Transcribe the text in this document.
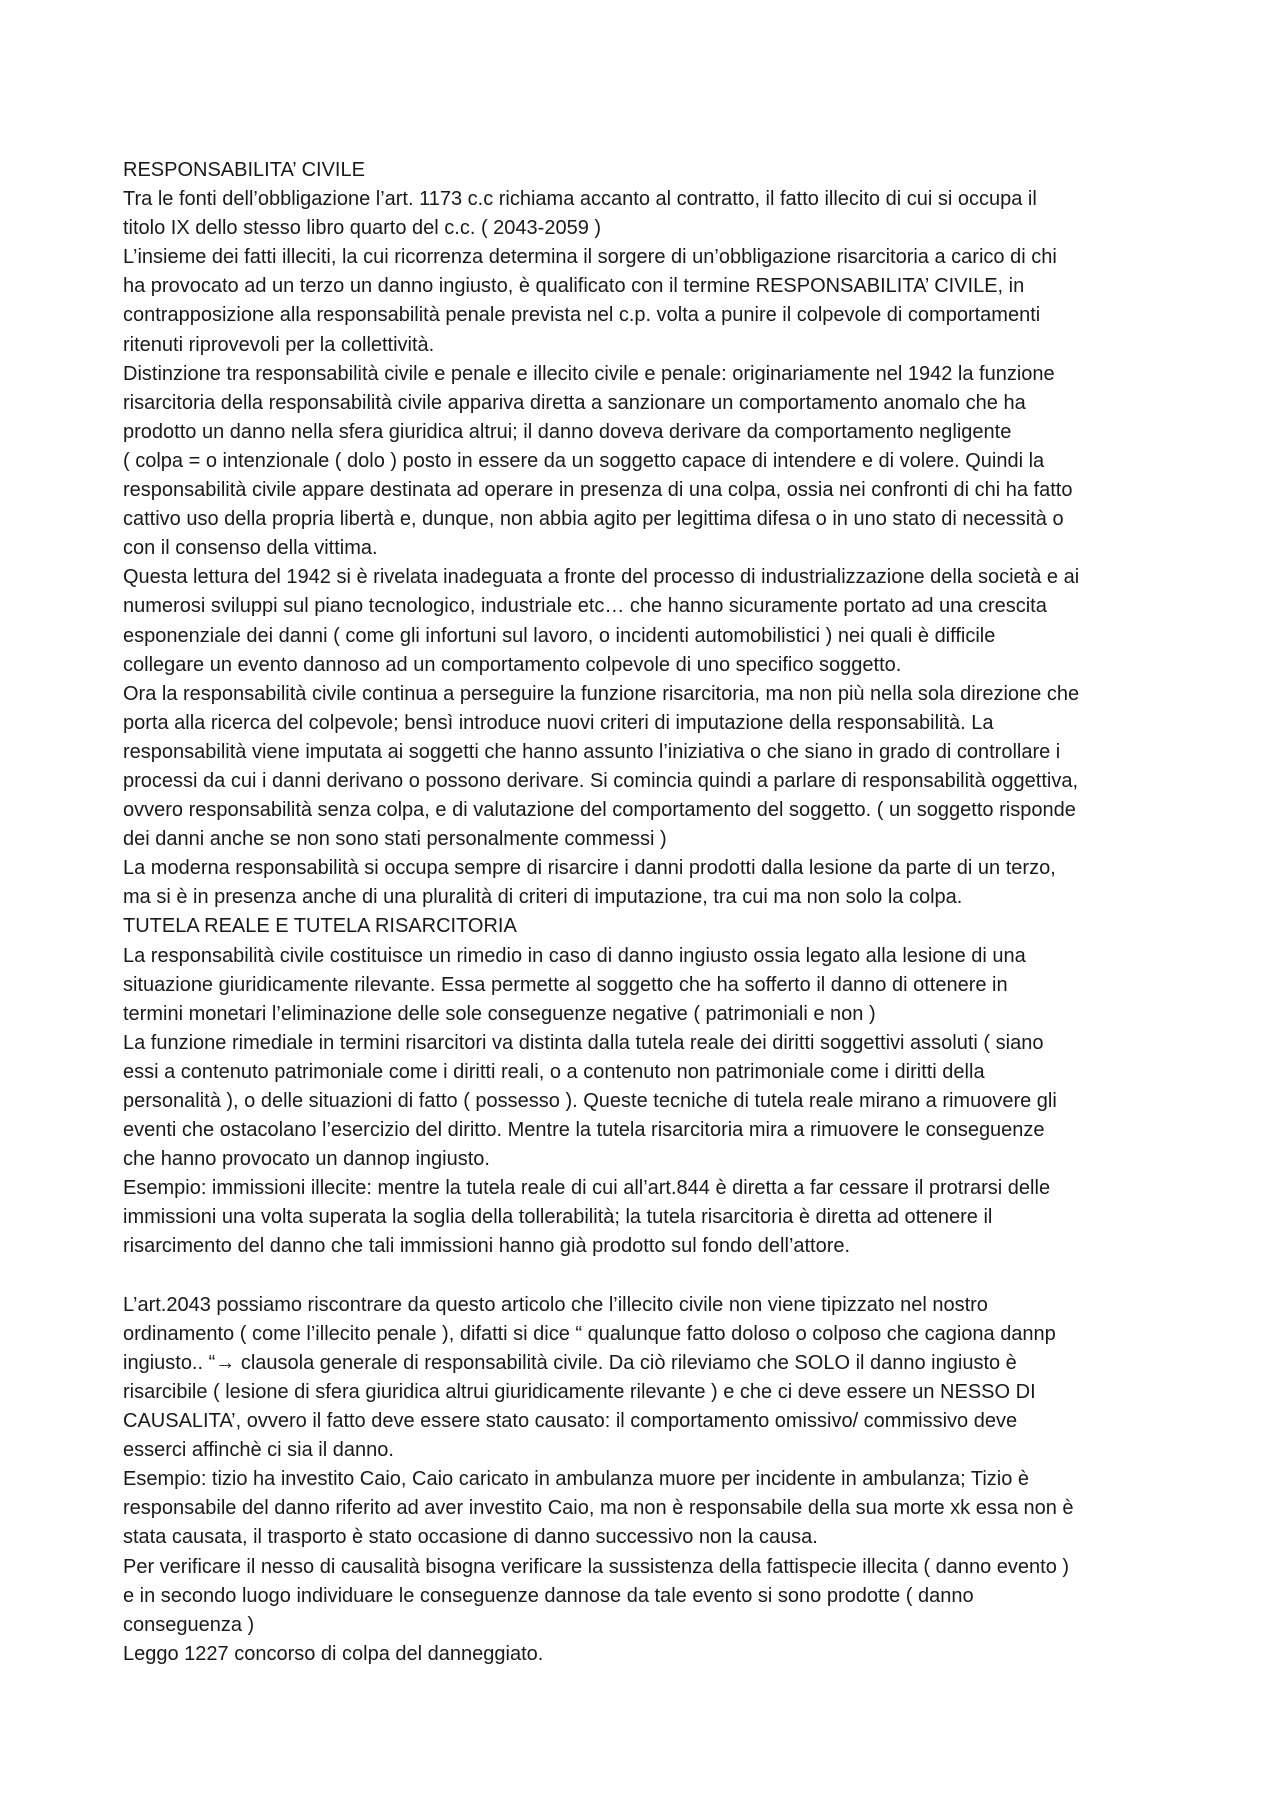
RESPONSABILITA’ CIVILE
Tra le fonti dell’obbligazione l’art. 1173 c.c richiama accanto al contratto, il fatto illecito di cui si occupa il
titolo IX dello stesso libro quarto del c.c. ( 2043-2059 )
L’insieme dei fatti illeciti, la cui ricorrenza determina il sorgere di un’obbligazione risarcitoria a carico di chi
ha provocato ad un terzo un danno ingiusto, è qualificato con il termine RESPONSABILITA’ CIVILE, in
contrapposizione alla responsabilità penale prevista nel c.p. volta a punire il colpevole di comportamenti
ritenuti riprovevoli per la collettività.
Distinzione tra responsabilità civile e penale e illecito civile e penale: originariamente nel 1942 la funzione
risarcitoria della responsabilità civile appariva diretta a sanzionare un comportamento anomalo che ha
prodotto un danno nella sfera giuridica altrui; il danno doveva derivare da comportamento negligente
( colpa = o intenzionale ( dolo ) posto in essere da un soggetto capace di intendere e di volere. Quindi la
responsabilità civile appare destinata ad operare in presenza di una colpa, ossia nei confronti di chi ha fatto
cattivo uso della propria libertà e, dunque, non abbia agito per legittima difesa o in uno stato di necessità o
con il consenso della vittima.
Questa lettura del 1942 si è rivelata inadeguata a fronte del processo di industrializzazione della società e ai
numerosi sviluppi sul piano tecnologico, industriale etc… che hanno sicuramente portato ad una crescita
esponenziale dei danni ( come gli infortuni sul lavoro, o incidenti automobilistici ) nei quali è difficile
collegare un evento dannoso ad un comportamento colpevole di uno specifico soggetto.
Ora la responsabilità civile continua a perseguire la funzione risarcitoria, ma non più nella sola direzione che
porta alla ricerca del colpevole; bensì introduce nuovi criteri di imputazione della responsabilità. La
responsabilità viene imputata ai soggetti che hanno assunto l’iniziativa o che siano in grado di controllare i
processi da cui i danni derivano o possono derivare. Si comincia quindi a parlare di responsabilità oggettiva,
ovvero responsabilità senza colpa, e di valutazione del comportamento del soggetto. ( un soggetto risponde
dei danni anche se non sono stati personalmente commessi )
La moderna responsabilità si occupa sempre di risarcire i danni prodotti dalla lesione da parte di un terzo,
ma si è in presenza anche di una pluralità di criteri di imputazione, tra cui ma non solo la colpa.
TUTELA REALE E TUTELA RISARCITORIA
La responsabilità civile costituisce un rimedio in caso di danno ingiusto ossia legato alla lesione di una
situazione giuridicamente rilevante. Essa permette al soggetto che ha sofferto il danno di ottenere in
termini monetari l’eliminazione delle sole conseguenze negative ( patrimoniali e non )
La funzione rimediale in termini risarcitori va distinta dalla tutela reale dei diritti soggettivi assoluti ( siano
essi a contenuto patrimoniale come i diritti reali, o a contenuto non patrimoniale come i diritti della
personalità ), o delle situazioni di fatto ( possesso ). Queste tecniche di tutela reale mirano a rimuovere gli
eventi che ostacolano l’esercizio del diritto. Mentre la tutela risarcitoria mira a rimuovere le conseguenze
che hanno provocato un dannop ingiusto.
Esempio: immissioni illecite: mentre la tutela reale di cui all’art.844 è diretta a far cessare il protrarsi delle
immissioni una volta superata la soglia della tollerabilità; la tutela risarcitoria è diretta ad ottenere il
risarcimento del danno che tali immissioni hanno già prodotto sul fondo dell’attore.
L’art.2043 possiamo riscontrare da questo articolo che l’illecito civile non viene tipizzato nel nostro
ordinamento ( come l’illecito penale ), difatti si dice “ qualunque fatto doloso o colposo che cagiona dannp
ingiusto.. “→ clausola generale di responsabilità civile. Da ciò rileviamo che SOLO il danno ingiusto è
risarcibile ( lesione di sfera giuridica altrui giuridicamente rilevante ) e che ci deve essere un NESSO DI
CAUSALITA’, ovvero il fatto deve essere stato causato: il comportamento omissivo/ commissivo deve
esserci affinchè ci sia il danno.
Esempio: tizio ha investito Caio, Caio caricato in ambulanza muore per incidente in ambulanza; Tizio è
responsabile del danno riferito ad aver investito Caio, ma non è responsabile della sua morte xk essa non è
stata causata, il trasporto è stato occasione di danno successivo non la causa.
Per verificare il nesso di causalità bisogna verificare la sussistenza della fattispecie illecita ( danno evento )
e in secondo luogo individuare le conseguenze dannose da tale evento si sono prodotte ( danno
conseguenza )
Leggo 1227 concorso di colpa del danneggiato.
